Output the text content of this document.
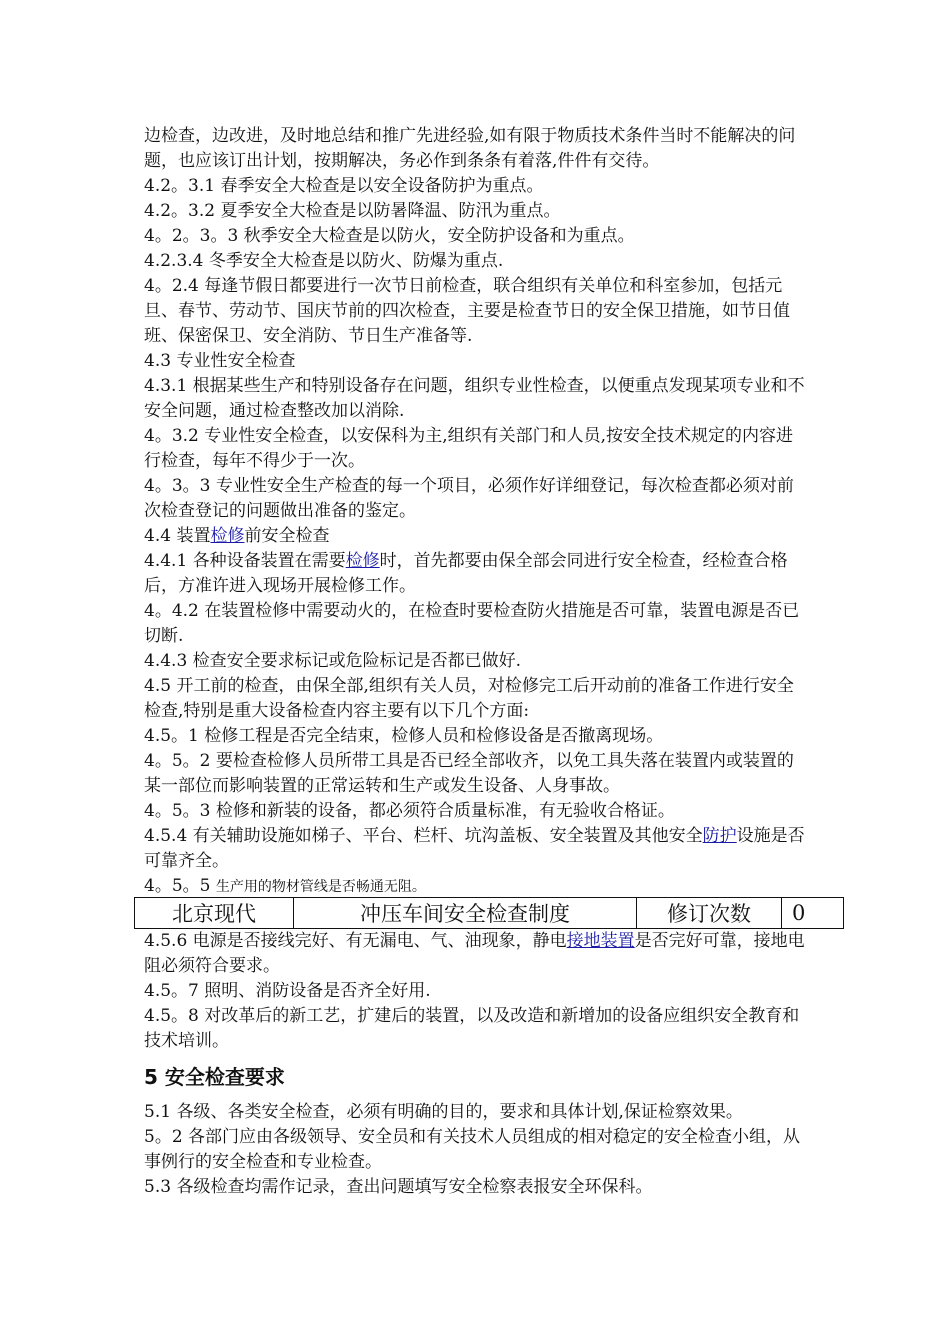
边检查，边改进，及时地总结和推广先进经验,如有限于物质技术条件当时不能解决的问题，也应该订出计划，按期解决，务必作到条条有着落,件件有交待。

4.2。3.1 春季安全大检查是以安全设备防护为重点。

4.2。3.2 夏季安全大检查是以防暑降温、防汛为重点。

4。2。3。3 秋季安全大检查是以防火，安全防护设备和为重点。

4.2.3.4 冬季安全大检查是以防火、防爆为重点.

4。2.4 每逢节假日都要进行一次节日前检查，联合组织有关单位和科室参加，包括元旦、春节、劳动节、国庆节前的四次检查，主要是检查节日的安全保卫措施，如节日值班、保密保卫、安全消防、节日生产准备等.

4.3 专业性安全检查

4.3.1 根据某些生产和特别设备存在问题，组织专业性检查，以便重点发现某项专业和不安全问题，通过检查整改加以消除.

4。3.2 专业性安全检查，以安保科为主,组织有关部门和人员,按安全技术规定的内容进行检查，每年不得少于一次。

4。3。3 专业性安全生产检查的每一个项目，必须作好详细登记，每次检查都必须对前次检查登记的问题做出准备的鉴定。

4.4 装置检修前安全检查

4.4.1 各种设备装置在需要检修时，首先都要由保全部会同进行安全检查，经检查合格后，方准许进入现场开展检修工作。

4。4.2 在装置检修中需要动火的，在检查时要检查防火措施是否可靠，装置电源是否已切断.

4.4.3 检查安全要求标记或危险标记是否都已做好.

4.5 开工前的检查，由保全部,组织有关人员，对检修完工后开动前的准备工作进行安全检查,特别是重大设备检查内容主要有以下几个方面:

4.5。1 检修工程是否完全结束，检修人员和检修设备是否撤离现场。

4。5。2 要检查检修人员所带工具是否已经全部收齐，以免工具失落在装置内或装置的某一部位而影响装置的正常运转和生产或发生设备、人身事故。

4。5。3 检修和新装的设备，都必须符合质量标准，有无验收合格证。

4.5.4 有关辅助设施如梯子、平台、栏杆、坑沟盖板、安全装置及其他安全防护设施是否可靠齐全。

4。5。5 生产用的物材管线是否畅通无阻。

北京现代	冲压车间安全检查制度	修订次数	0

4.5.6 电源是否接线完好、有无漏电、气、油现象，静电接地装置是否完好可靠，接地电阻必须符合要求。

4.5。7 照明、消防设备是否齐全好用.

4.5。8 对改革后的新工艺，扩建后的装置，以及改造和新增加的设备应组织安全教育和技术培训。

5 安全检查要求

5.1 各级、各类安全检查，必须有明确的目的，要求和具体计划,保证检察效果。

5。2 各部门应由各级领导、安全员和有关技术人员组成的相对稳定的安全检查小组，从事例行的安全检查和专业检查。

5.3 各级检查均需作记录，查出问题填写安全检察表报安全环保科。
